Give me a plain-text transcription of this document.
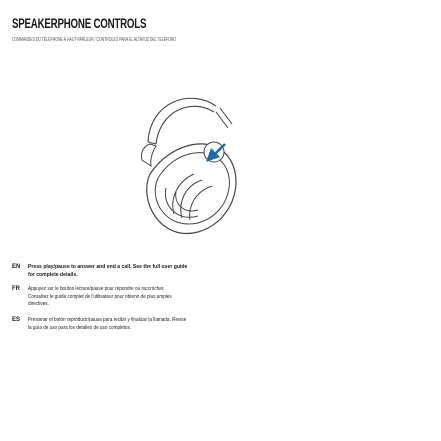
SPEAKERPHONE CONTROLS
COMMANDES DU TÉLÉPHONE À HAUT-PARLEUR / CONTROLES PARA EL ALTAVOZ DEL TELÉFONO
EN Press play/pause to answer and end a call. See the full user guide
for complete details.
FR Appuyez sur le bouton lecture/pause pour répondre ou raccrocher.
Consultez le guide complet de l'utilisateur pour obtenir de plus amples
directives.
ES Presionar el botón reproducir/pausa para recibir y finalizar la llamada. Revise
la guía de uso para los detalles de uso completos.
